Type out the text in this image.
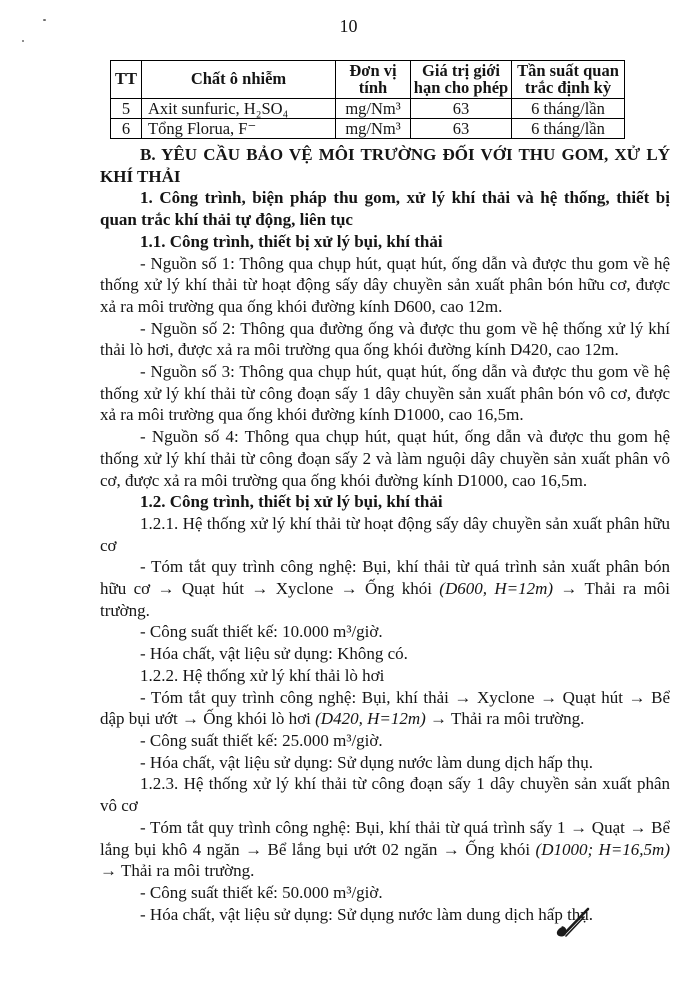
10
TT	Chất ô nhiễm	Đơn vị tính	Giá trị giới hạn cho phép	Tần suất quan trắc định kỳ
5	Axit sunfuric, H₂SO₄	mg/Nm³	63	6 tháng/lần
6	Tổng Florua, F⁻	mg/Nm³	63	6 tháng/lần

B. YÊU CẦU BẢO VỆ MÔI TRƯỜNG ĐỐI VỚI THU GOM, XỬ LÝ KHÍ THẢI

1. Công trình, biện pháp thu gom, xử lý khí thải và hệ thống, thiết bị quan trắc khí thải tự động, liên tục

1.1. Công trình, thiết bị xử lý bụi, khí thải

- Nguồn số 1: Thông qua chụp hút, quạt hút, ống dẫn và được thu gom về hệ thống xử lý khí thải từ hoạt động sấy dây chuyền sản xuất phân bón hữu cơ, được xả ra môi trường qua ống khói đường kính D600, cao 12m.

- Nguồn số 2: Thông qua đường ống và được thu gom về hệ thống xử lý khí thải lò hơi, được xả ra môi trường qua ống khói đường kính D420, cao 12m.

- Nguồn số 3: Thông qua chụp hút, quạt hút, ống dẫn và được thu gom về hệ thống xử lý khí thải từ công đoạn sấy 1 dây chuyền sản xuất phân bón vô cơ, được xả ra môi trường qua ống khói đường kính D1000, cao 16,5m.

- Nguồn số 4: Thông qua chụp hút, quạt hút, ống dẫn và được thu gom hệ thống xử lý khí thải từ công đoạn sấy 2 và làm nguội dây chuyền sản xuất phân vô cơ, được xả ra môi trường qua ống khói đường kính D1000, cao 16,5m.

1.2. Công trình, thiết bị xử lý bụi, khí thải

1.2.1. Hệ thống xử lý khí thải từ hoạt động sấy dây chuyền sản xuất phân hữu cơ

- Tóm tắt quy trình công nghệ: Bụi, khí thải từ quá trình sản xuất phân bón hữu cơ → Quạt hút → Xyclone → Ống khói (D600, H=12m) → Thải ra môi trường.

- Công suất thiết kế: 10.000 m³/giờ.

- Hóa chất, vật liệu sử dụng: Không có.

1.2.2. Hệ thống xử lý khí thải lò hơi

- Tóm tắt quy trình công nghệ: Bụi, khí thải → Xyclone → Quạt hút → Bể dập bụi ướt → Ống khói lò hơi (D420, H=12m) → Thải ra môi trường.

- Công suất thiết kế: 25.000 m³/giờ.

- Hóa chất, vật liệu sử dụng: Sử dụng nước làm dung dịch hấp thụ.

1.2.3. Hệ thống xử lý khí thải từ công đoạn sấy 1 dây chuyền sản xuất phân vô cơ

- Tóm tắt quy trình công nghệ: Bụi, khí thải từ quá trình sấy 1 → Quạt → Bể lắng bụi khô 4 ngăn → Bể lắng bụi ướt 02 ngăn → Ống khói (D1000; H=16,5m) → Thải ra môi trường.

- Công suất thiết kế: 50.000 m³/giờ.

- Hóa chất, vật liệu sử dụng: Sử dụng nước làm dung dịch hấp thụ.
